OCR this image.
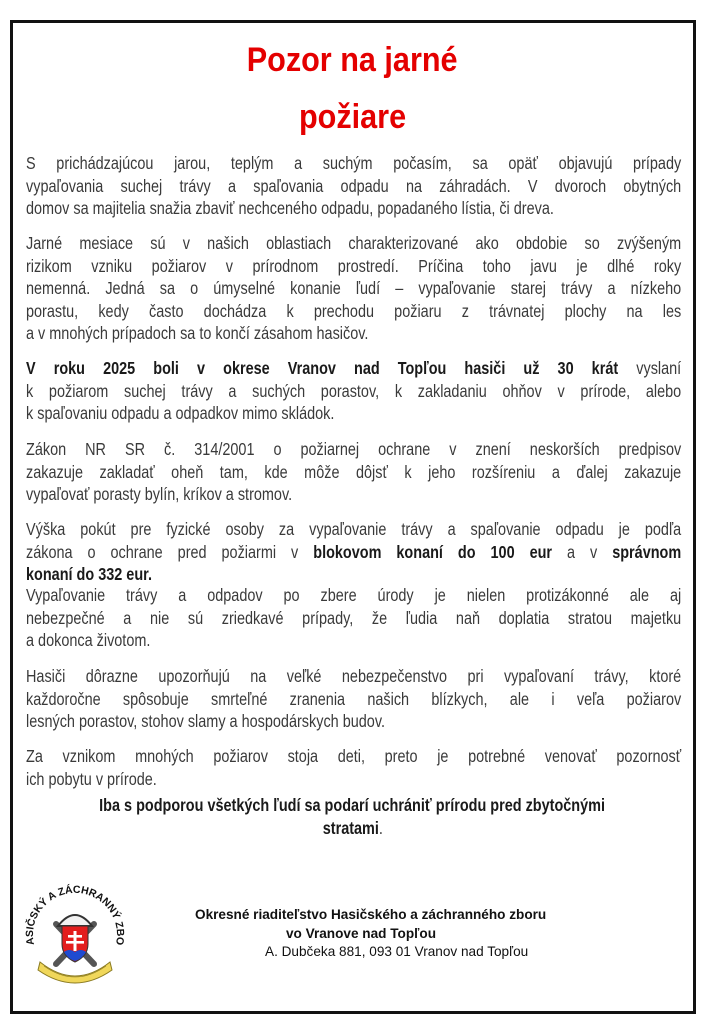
Pozor na jarné
požiare
S prichádzajúcou jarou, teplým a suchým počasím, sa opäť objavujú prípady
vypaľovania suchej trávy a spaľovania odpadu na záhradách. V dvoroch obytných
domov sa majitelia snažia zbaviť nechceného odpadu, popadaného lístia, či dreva.
Jarné mesiace sú v našich oblastiach charakterizované ako obdobie so zvýšeným
rizikom vzniku požiarov v prírodnom prostredí. Príčina toho javu je dlhé roky
nemenná. Jedná sa o úmyselné konanie ľudí – vypaľovanie starej trávy a nízkeho
porastu, kedy často dochádza k prechodu požiaru z trávnatej plochy na les
a v mnohých prípadoch sa to končí zásahom hasičov.
V roku 2025 boli v okrese Vranov nad Topľou hasiči už 30 krát vyslaní
k požiarom suchej trávy a suchých porastov, k zakladaniu ohňov v prírode, alebo
k spaľovaniu odpadu a odpadkov mimo skládok.
Zákon NR SR č. 314/2001 o požiarnej ochrane v znení neskorších predpisov
zakazuje zakladať oheň tam, kde môže dôjsť k jeho rozšíreniu a ďalej zakazuje
vypaľovať porasty bylín, kríkov a stromov.
Výška pokút pre fyzické osoby za vypaľovanie trávy a spaľovanie odpadu je podľa
zákona o ochrane pred požiarmi v blokovom konaní do 100 eur a v správnom
konaní do 332 eur.
Vypaľovanie trávy a odpadov po zbere úrody je nielen protizákonné ale aj
nebezpečné a nie sú zriedkavé prípady, že ľudia naň doplatia stratou majetku
a dokonca životom.
Hasiči dôrazne upozorňujú na veľké nebezpečenstvo pri vypaľovaní trávy, ktoré
každoročne spôsobuje smrteľné zranenia našich blízkych, ale i veľa požiarov
lesných porastov, stohov slamy a hospodárskych budov.
Za vznikom mnohých požiarov stoja deti, preto je potrebné venovať pozornosť
ich pobytu v prírode.
Iba s podporou všetkých ľudí sa podarí uchrániť prírodu pred zbytočnými
stratami.
ASIČSKÝ A ZÁCHRANNÝ ZBO
Okresné riaditeľstvo Hasičského a záchranného zboru
vo Vranove nad Topľou
A. Dubčeka 881, 093 01 Vranov nad Topľou
